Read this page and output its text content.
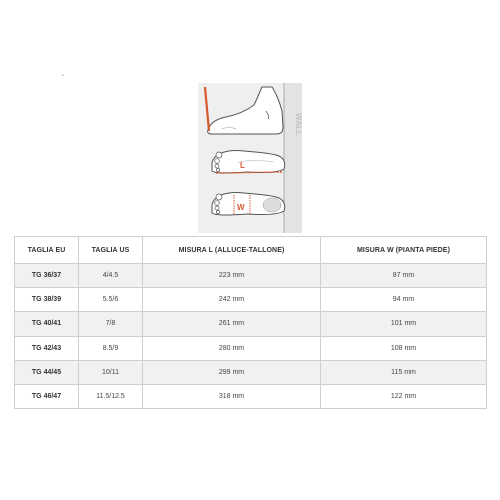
•
WALL
L
W
TAGLIA EU	TAGLIA US	MISURA L (ALLUCE-TALLONE)	MISURA W (PIANTA PIEDE)
TG 36/37	4/4.5	223 mm	87 mm
TG 38/39	5.5/6	242 mm	94 mm
TG 40/41	7/8	261 mm	101 mm
TG 42/43	8.5/9	280 mm	108 mm
TG 44/45	10/11	299 mm	115 mm
TG 46/47	11.5/12.5	318 mm	122 mm
